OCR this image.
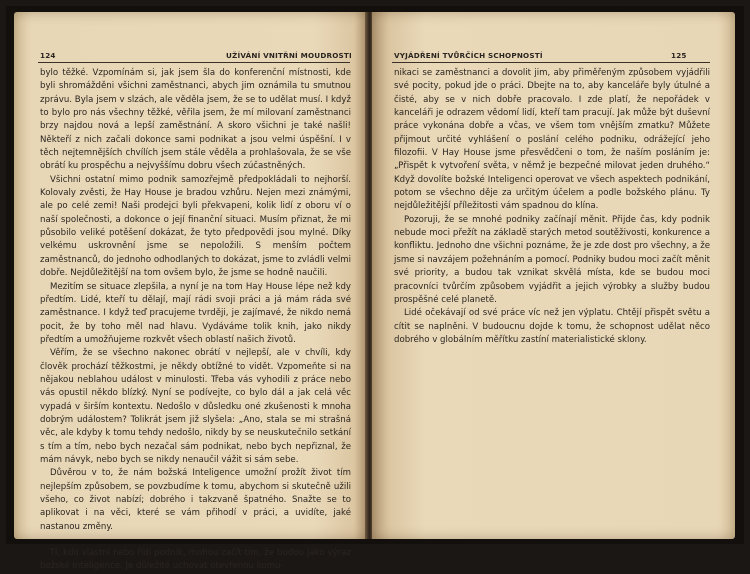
124	UŽÍVÁNÍ VNITŘNÍ MOUDROSTI

bylo těžké. Vzpomínám si, jak jsem šla do konferenční místnosti, kde byli shromážděni všichni zaměstnanci, abych jim oznámila tu smutnou zprávu. Byla jsem v slzách, ale věděla jsem, že se to udělat musí. I když to bylo pro nás všechny těžké, věřila jsem, že mí milovaní zaměstnanci brzy najdou nová a lepší zaměstnání. A skoro všichni je také našli! Někteří z nich začali dokonce sami podnikat a jsou velmi úspěšní. I v těch nejtemnějších chvílích jsem stále věděla a prohlašovala, že se vše obrátí ku prospěchu a nejvyššímu dobru všech zúčastněných.

Všichni ostatní mimo podnik samozřejmě předpokládali to nejhorší. Kolovaly zvěsti, že Hay House je bradou vzhůru. Nejen mezi známými, ale po celé zemi! Naši prodejci byli překvapeni, kolik lidí z oboru ví o naší společnosti, a dokonce o její finanční situaci. Musím přiznat, že mi působilo veliké potěšení dokázat, že tyto předpovědi jsou mylné. Díky velkému uskrovnění jsme se nepoložili. S menším počtem zaměstnanců, do jednoho odhodlaných to dokázat, jsme to zvládli velmi dobře. Nejdůležitější na tom ovšem bylo, že jsme se hodně naučili.

Mezitím se situace zlepšila, a nyní je na tom Hay House lépe než kdy předtím. Lidé, kteří tu dělají, mají rádi svoji práci a já mám ráda své zaměstnance. I když teď pracujeme tvrději, je zajímavé, že nikdo nemá pocit, že by toho měl nad hlavu. Vydáváme tolik knih, jako nikdy předtím a umožňujeme rozkvět všech oblastí našich životů.

Věřím, že se všechno nakonec obrátí v nejlepší, ale v chvíli, kdy člověk prochází těžkostmi, je někdy obtížné to vidět. Vzpomeňte si na nějakou neblahou událost v minulosti. Třeba vás vyhodili z práce nebo vás opustil někdo blízký. Nyní se podívejte, co bylo dál a jak celá věc vypadá v širším kontextu. Nedošlo v důsledku oné zkušenosti k mnoha dobrým událostem? Tolikrát jsem již slyšela: „Ano, stala se mi strašná věc, ale kdyby k tomu tehdy nedošlo, nikdy by se neuskutečnilo setkání s tím a tím, nebo bych nezačal sám podnikat, nebo bych nepřiznal, že mám návyk, nebo bych se nikdy nenaučil vážit si sám sebe.

Důvěrou v to, že nám božská Inteligence umožní prožít život tím nejlepším způsobem, se povzbudíme k tomu, abychom si skutečně užili všeho, co život nabízí; dobrého i takzvaně špatného. Snažte se to aplikovat i na věci, které se vám přihodí v práci, a uvidíte, jaké nastanou změny.

Ti, kdo vlastní nebo řídí podnik, mohou začít tím, že budou jako výraz božské Inteligence. Je důležité uchovat otevřenou komu-

VYJÁDŘENÍ TVŮRČÍCH SCHOPNOSTÍ	125

nikaci se zaměstnanci a dovolit jim, aby přiměřeným způsobem vyjádřili své pocity, pokud jde o práci. Dbejte na to, aby kanceláře byly útulné a čisté, aby se v nich dobře pracovalo. I zde platí, že nepořádek v kanceláři je odrazem vědomí lidí, kteří tam pracují. Jak může být duševní práce vykonána dobře a včas, ve všem tom vnějším zmatku? Můžete přijmout určité vyhlášení o poslání celého podniku, odrážející jeho filozofii. V Hay House jsme přesvědčeni o tom, že naším posláním je: „Přispět k vytvoření světa, v němž je bezpečné milovat jeden druhého.“ Když dovolíte božské Inteligenci operovat ve všech aspektech podnikání, potom se všechno děje za určitým účelem a podle božského plánu. Ty nejdůležitější příležitosti vám spadnou do klína.

Pozoruji, že se mnohé podniky začínají měnit. Přijde čas, kdy podnik nebude moci přežít na základě starých metod soutěživosti, konkurence a konfliktu. Jednoho dne všichni poznáme, že je zde dost pro všechny, a že jsme si navzájem požehnáním a pomocí. Podniky budou moci začít měnit své priority, a budou tak vznikat skvělá místa, kde se budou moci pracovníci tvůrčím způsobem vyjádřit a jejich výrobky a služby budou prospěšné celé planetě.

Lidé očekávají od své práce víc než jen výplatu. Chtějí přispět světu a cítit se naplněni. V budoucnu dojde k tomu, že schopnost udělat něco dobrého v globálním měřítku zastíní materialistické sklony.
